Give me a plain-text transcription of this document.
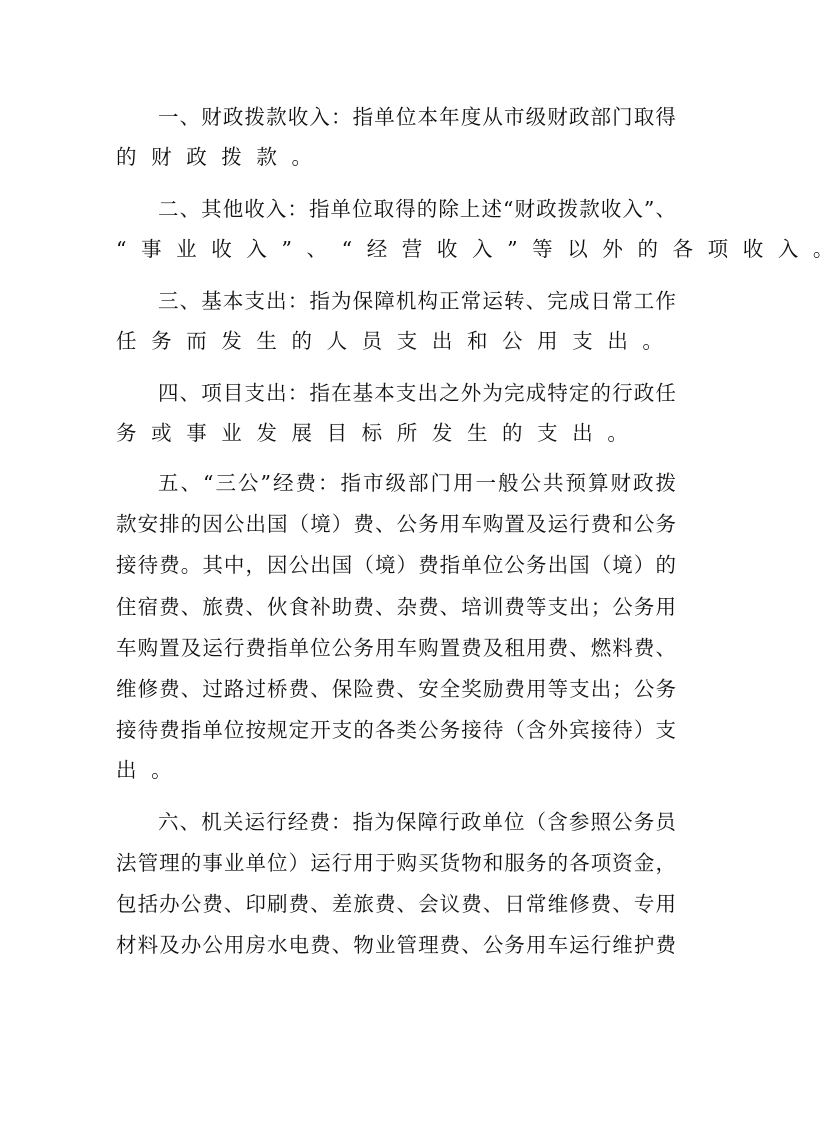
一 、 财 政 拨 款 收 入 ： 指 单 位 本 年 度 从 市 级 财 政 部 门 取 得
的 财 政 拨 款 。
二 、 其 他 收 入 ： 指 单 位 取 得 的 除 上 述 “ 财 政 拨 款 收 入 ” 、
“ 事 业 收 入 ” 、 “ 经 营 收 入 ” 等 以 外 的 各 项 收 入 。
三 、 基 本 支 出 ： 指 为 保 障 机 构 正 常 运 转 、 完 成 日 常 工 作
任 务 而 发 生 的 人 员 支 出 和 公 用 支 出 。
四 、 项 目 支 出 ： 指 在 基 本 支 出 之 外 为 完 成 特 定 的 行 政 任
务 或 事 业 发 展 目 标 所 发 生 的 支 出 。
五 、 “ 三 公 ” 经 费 ： 指 市 级 部 门 用 一 般 公 共 预 算 财 政 拨
款 安 排 的 因 公 出 国 （ 境 ） 费 、 公 务 用 车 购 置 及 运 行 费 和 公 务
接 待 费 。 其 中 ， 因 公 出 国 （ 境 ） 费 指 单 位 公 务 出 国 （ 境 ） 的
住 宿 费 、 旅 费 、 伙 食 补 助 费 、 杂 费 、 培 训 费 等 支 出 ； 公 务 用
车 购 置 及 运 行 费 指 单 位 公 务 用 车 购 置 费 及 租 用 费 、 燃 料 费 、
维 修 费 、 过 路 过 桥 费 、 保 险 费 、 安 全 奖 励 费 用 等 支 出 ； 公 务
接 待 费 指 单 位 按 规 定 开 支 的 各 类 公 务 接 待 （ 含 外 宾 接 待 ） 支
出 。
六 、 机 关 运 行 经 费 ： 指 为 保 障 行 政 单 位 （ 含 参 照 公 务 员
法 管 理 的 事 业 单 位 ） 运 行 用 于 购 买 货 物 和 服 务 的 各 项 资 金 ，
包 括 办 公 费 、 印 刷 费 、 差 旅 费 、 会 议 费 、 日 常 维 修 费 、 专 用
材 料 及 办 公 用 房 水 电 费 、 物 业 管 理 费 、 公 务 用 车 运 行 维 护 费
